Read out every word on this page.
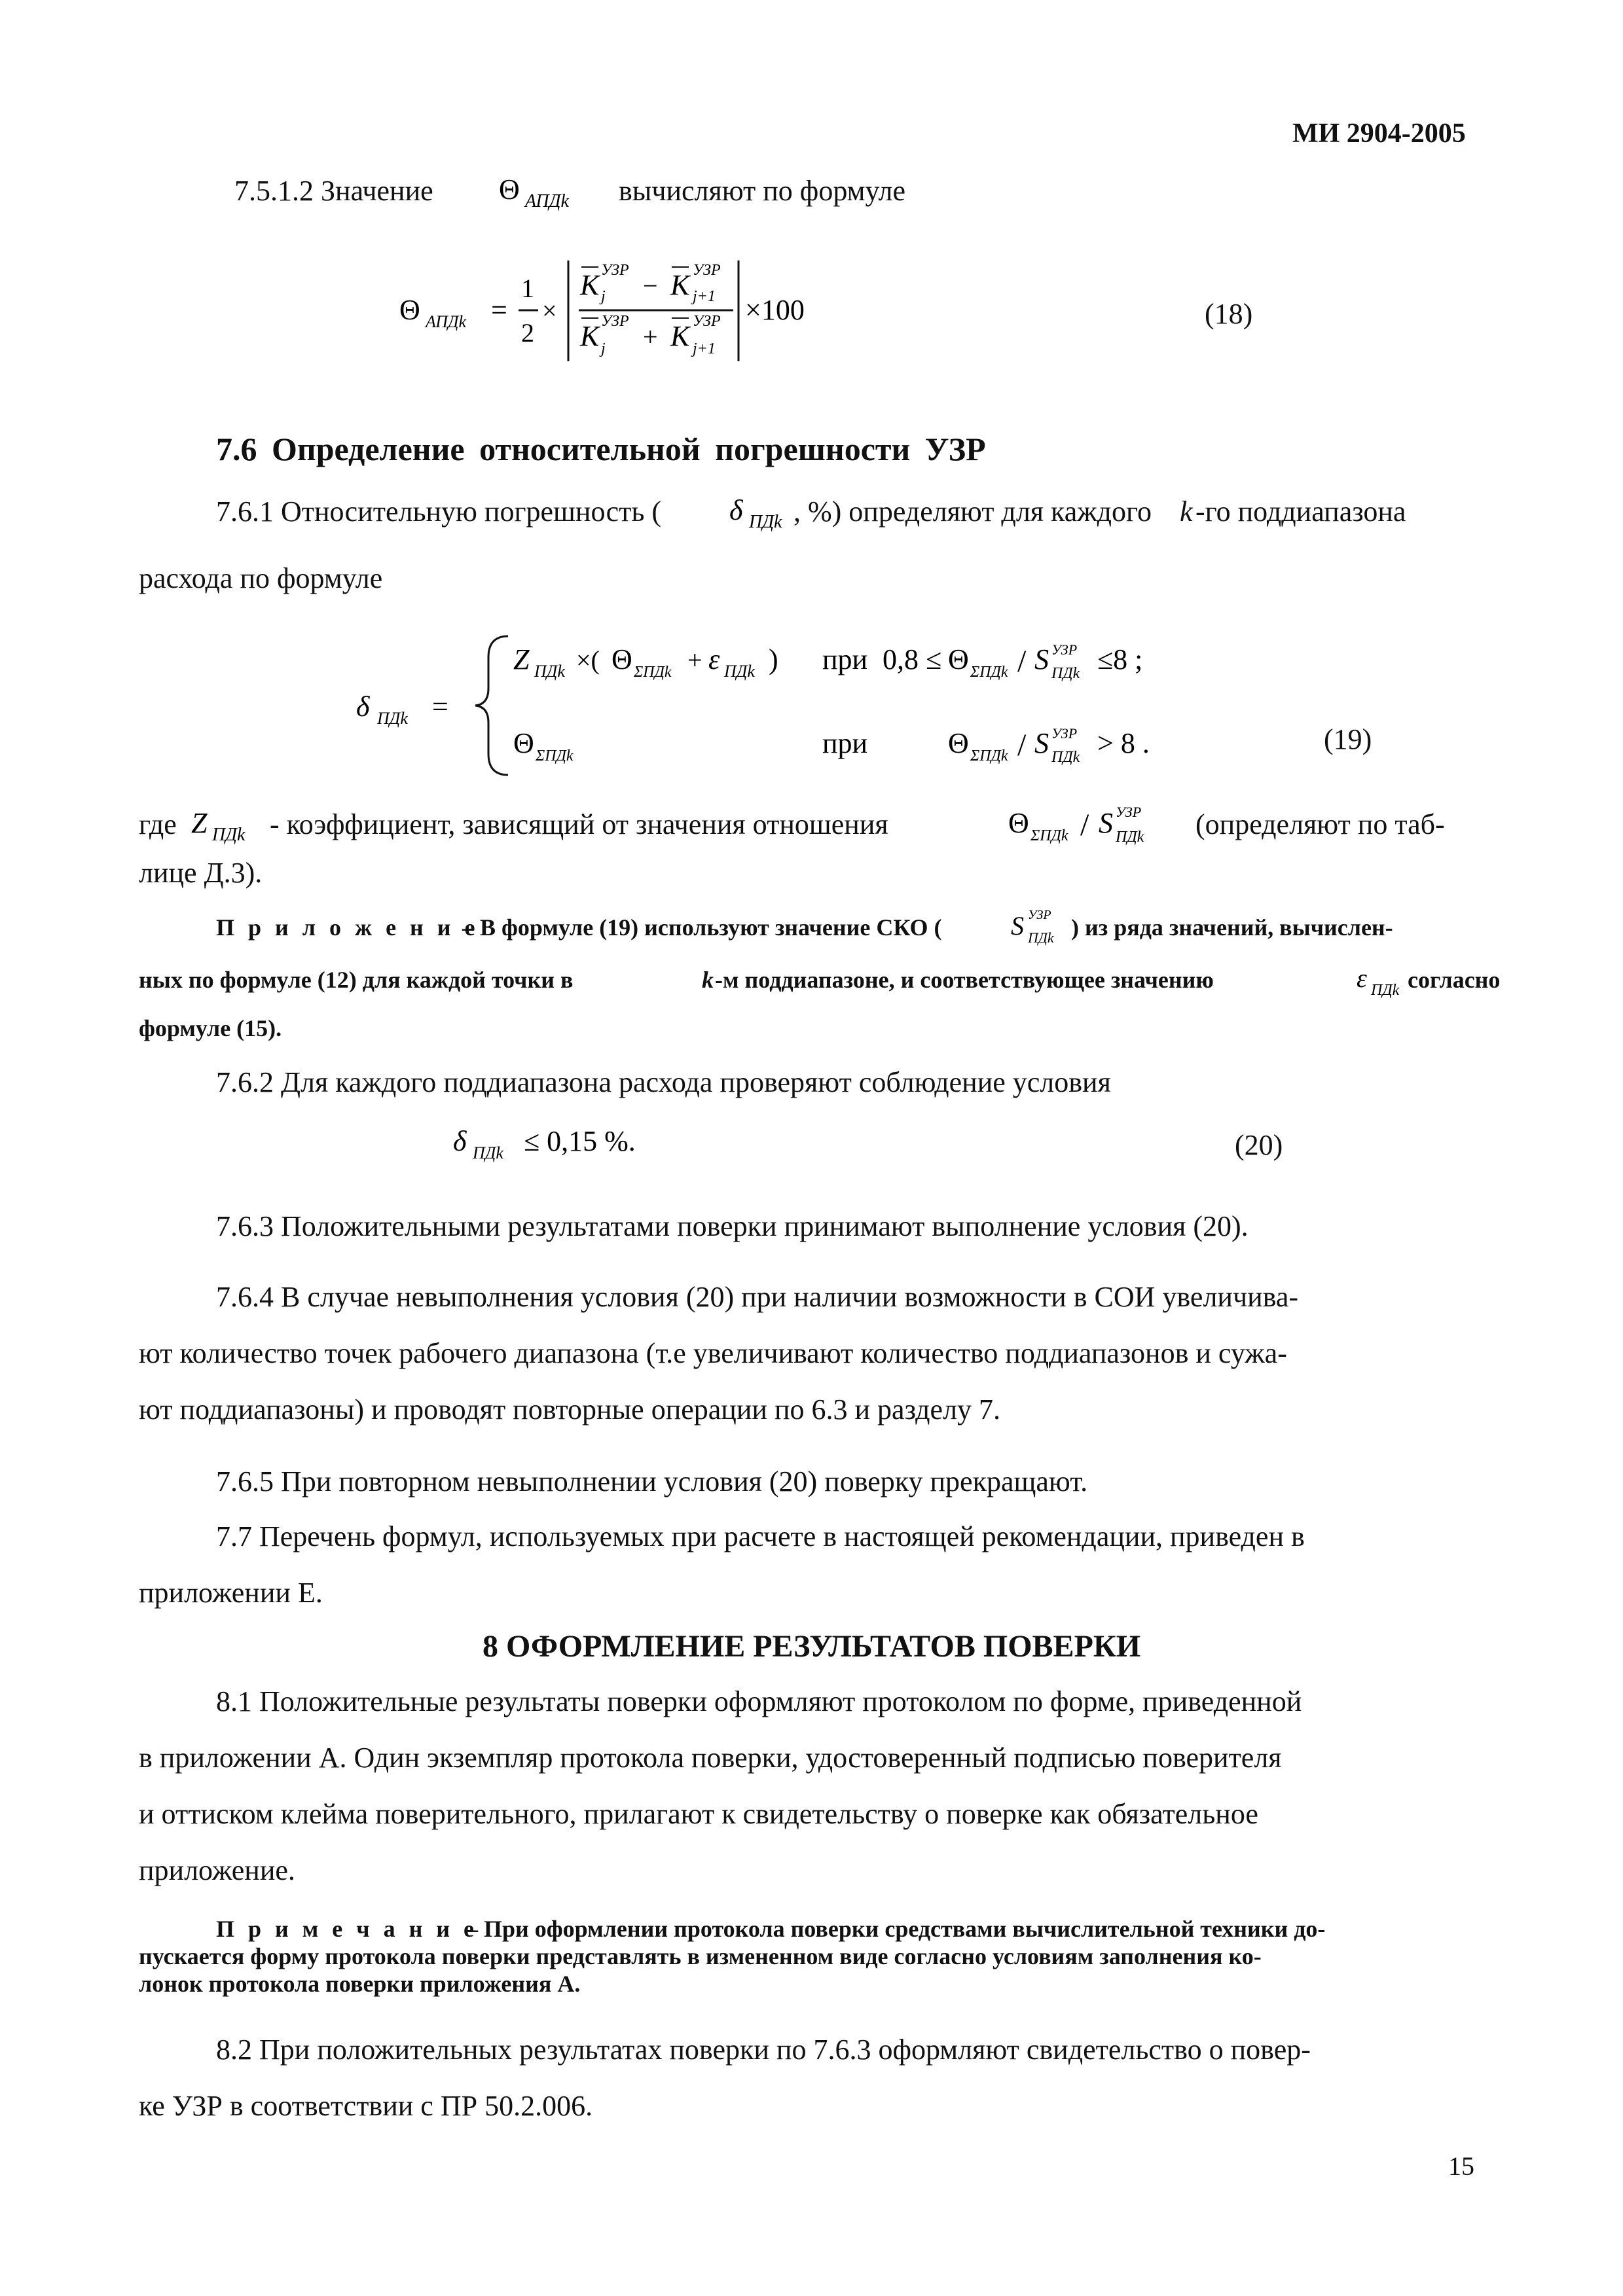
МИ 2904-2005
7.5.1.2 Значение Θ АПДk вычисляют по формуле
Θ АПДk =
1
2
×
K УЗР
j − K УЗР
j+1
K УЗР
j + K УЗР
j+1
×100	(18)
7.6 Определение относительной погрешности УЗР
7.6.1 Относительную погрешность ( δ ПДk , %) определяют для каждого k -го поддиапазона
расхода по формуле
δ ПДk =
Z ПДk ×( Θ ΣПДk + ε ПДk ) при 0,8 ≤ Θ ΣПДk / S УЗР
ПДk ≤8 ;
Θ ΣПДk	при	Θ ΣПДk / S УЗР
ПДk > 8 .	(19)
где Z ПДk - коэффициент, зависящий от значения отношения	Θ ΣПДk / S УЗР
ПДk (определяют по таб-
лице Д.3).
П р и л о ж е н и е
– В формуле (19) используют значение СКО (	S УЗР
ПДk ) из ряда значений, вычислен-
ных по формуле (12) для каждой точки в	k -м поддиапазоне, и соответствующее значению	ε ПДk согласно
формуле (15).
7.6.2 Для каждого поддиапазона расхода проверяют соблюдение условия
δ ПДk ≤ 0,15 %.	(20)
7.6.3 Положительными результатами поверки принимают выполнение условия (20).
7.6.4 В случае невыполнения условия (20) при наличии возможности в СОИ увеличива-
ют количество точек рабочего диапазона (т.е увеличивают количество поддиапазонов и сужа-
ют поддиапазоны) и проводят повторные операции по 6.3 и разделу 7.
7.6.5 При повторном невыполнении условия (20) поверку прекращают.
7.7 Перечень формул, используемых при расчете в настоящей рекомендации, приведен в
приложении Е.
8 ОФОРМЛЕНИЕ РЕЗУЛЬТАТОВ ПОВЕРКИ
8.1 Положительные результаты поверки оформляют протоколом по форме, приведенной
в приложении А. Один экземпляр протокола поверки, удостоверенный подписью поверителя
и оттиском клейма поверительного, прилагают к свидетельству о поверке как обязательное
приложение.
П р и м е ч а н и е
– При оформлении протокола поверки средствами вычислительной техники до-
пускается форму протокола поверки представлять в измененном виде согласно условиям заполнения ко-
лонок протокола поверки приложения А.
8.2 При положительных результатах поверки по 7.6.3 оформляют свидетельство о повер-
ке УЗР в соответствии с ПР 50.2.006.
15
